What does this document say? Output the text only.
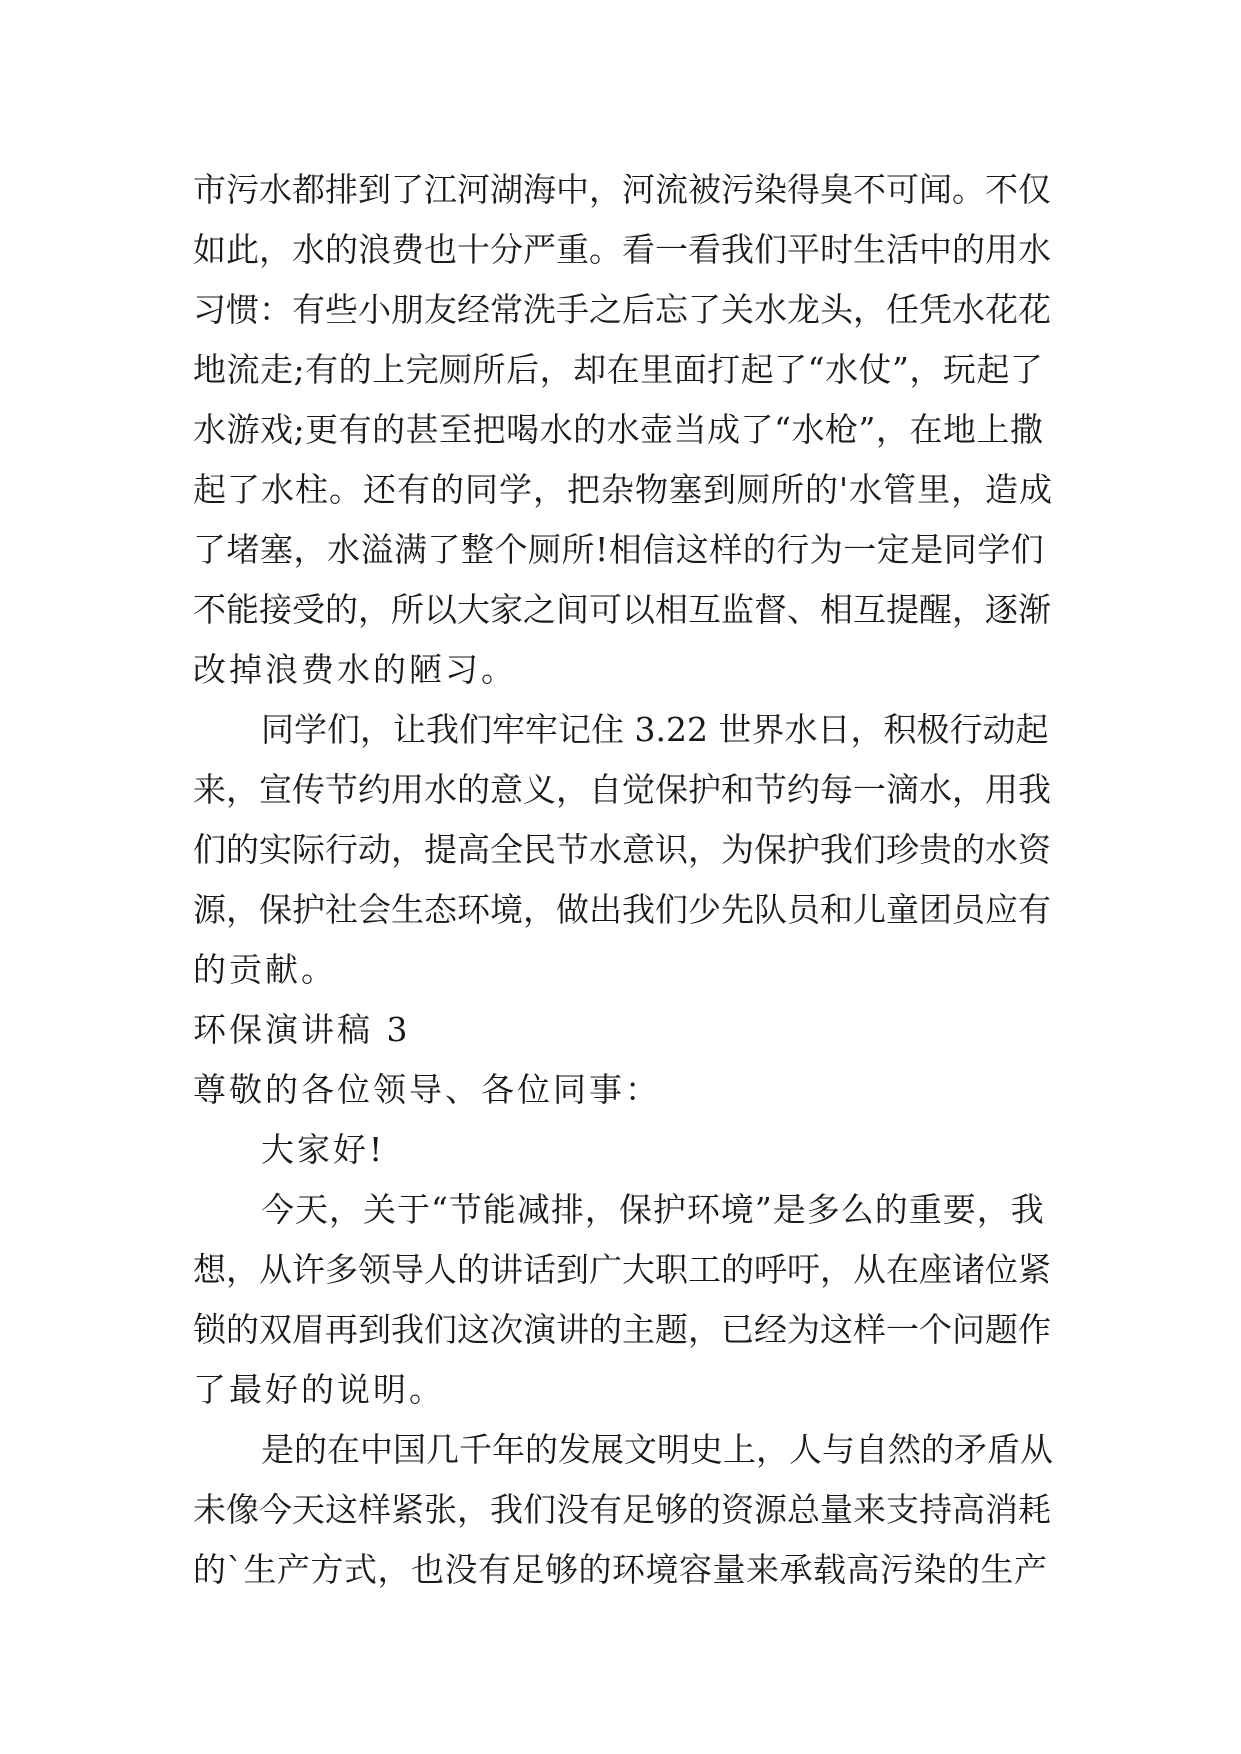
市污水都排到了江河湖海中，河流被污染得臭不可闻。不仅
如此，水的浪费也十分严重。看一看我们平时生活中的用水
习惯：有些小朋友经常洗手之后忘了关水龙头，任凭水花花
地流走;有的上完厕所后，却在里面打起了“水仗”，玩起了
水游戏;更有的甚至把喝水的水壶当成了“水枪”，在地上撒
起了水柱。还有的同学，把杂物塞到厕所的'水管里，造成
了堵塞，水溢满了整个厕所!相信这样的行为一定是同学们
不能接受的，所以大家之间可以相互监督、相互提醒，逐渐
改掉浪费水的陋习。
同学们，让我们牢牢记住 3.22 世界水日，积极行动起
来，宣传节约用水的意义，自觉保护和节约每一滴水，用我
们的实际行动，提高全民节水意识，为保护我们珍贵的水资
源，保护社会生态环境，做出我们少先队员和儿童团员应有
的贡献。
环保演讲稿 3
尊敬的各位领导、各位同事：
大家好!
今天，关于“节能减排，保护环境”是多么的重要，我
想，从许多领导人的讲话到广大职工的呼吁，从在座诸位紧
锁的双眉再到我们这次演讲的主题，已经为这样一个问题作
了最好的说明。
是的在中国几千年的发展文明史上，人与自然的矛盾从
未像今天这样紧张，我们没有足够的资源总量来支持高消耗
的`生产方式，也没有足够的环境容量来承载高污染的生产
